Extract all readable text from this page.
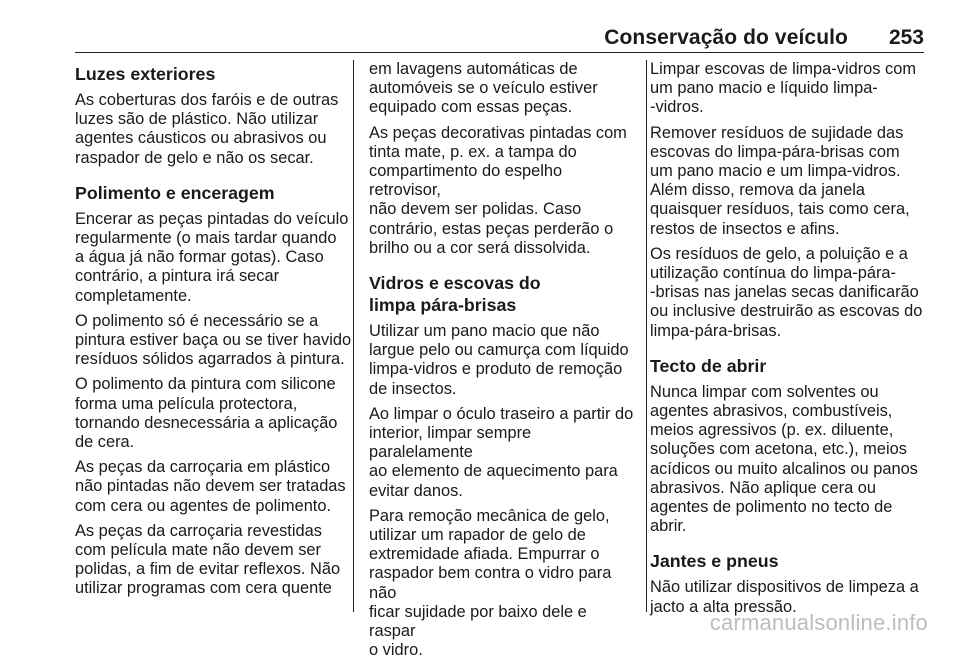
Conservação do veículo 253
Luzes exteriores

As coberturas dos faróis e de outras
luzes são de plástico. Não utilizar
agentes cáusticos ou abrasivos ou
raspador de gelo e não os secar.

Polimento e enceragem

Encerar as peças pintadas do veículo
regularmente (o mais tardar quando
a água já não formar gotas). Caso
contrário, a pintura irá secar
completamente.

O polimento só é necessário se a
pintura estiver baça ou se tiver havido
resíduos sólidos agarrados à pintura.

O polimento da pintura com silicone
forma uma película protectora,
tornando desnecessária a aplicação
de cera.

As peças da carroçaria em plástico
não pintadas não devem ser tratadas
com cera ou agentes de polimento.

As peças da carroçaria revestidas
com película mate não devem ser
polidas, a fim de evitar reflexos. Não
utilizar programas com cera quente

em lavagens automáticas de
automóveis se o veículo estiver
equipado com essas peças.

As peças decorativas pintadas com
tinta mate, p. ex. a tampa do
compartimento do espelho retrovisor,
não devem ser polidas. Caso
contrário, estas peças perderão o
brilho ou a cor será dissolvida.

Vidros e escovas do
limpa pára-brisas

Utilizar um pano macio que não
largue pelo ou camurça com líquido
limpa-vidros e produto de remoção
de insectos.

Ao limpar o óculo traseiro a partir do
interior, limpar sempre paralelamente
ao elemento de aquecimento para
evitar danos.

Para remoção mecânica de gelo,
utilizar um rapador de gelo de
extremidade afiada. Empurrar o
raspador bem contra o vidro para não
ficar sujidade por baixo dele e raspar
o vidro.

Limpar escovas de limpa-vidros com
um pano macio e líquido limpa-
-vidros.

Remover resíduos de sujidade das
escovas do limpa-pára-brisas com
um pano macio e um limpa-vidros.
Além disso, remova da janela
quaisquer resíduos, tais como cera,
restos de insectos e afins.

Os resíduos de gelo, a poluição e a
utilização contínua do limpa-pára-
-brisas nas janelas secas danificarão
ou inclusive destruirão as escovas do
limpa-pára-brisas.

Tecto de abrir

Nunca limpar com solventes ou
agentes abrasivos, combustíveis,
meios agressivos (p. ex. diluente,
soluções com acetona, etc.), meios
acídicos ou muito alcalinos ou panos
abrasivos. Não aplique cera ou
agentes de polimento no tecto de
abrir.

Jantes e pneus

Não utilizar dispositivos de limpeza a
jacto a alta pressão.

carmanualsonline.info
